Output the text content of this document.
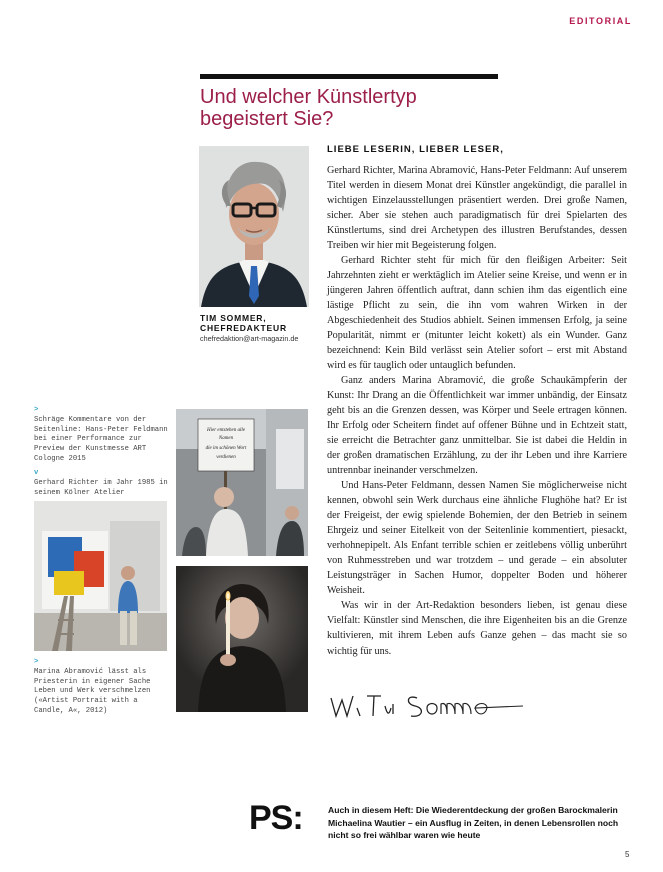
EDITORIAL
Und welcher Künstlertyp begeistert Sie?
TIM SOMMER,
CHEFREDAKTEUR
chefredaktion@art-magazin.de
LIEBE LESERIN, LIEBER LESER,

Gerhard Richter, Marina Abramović, Hans-Peter Feldmann: Auf unserem Titel werden in diesem Monat drei Künstler angekündigt, die parallel in wichtigen Einzelausstellungen präsentiert werden. Drei große Namen, sicher. Aber sie stehen auch paradigmatisch für drei Spielarten des Künstlertums, sind drei Archetypen des illustren Berufstandes, dessen Treiben wir hier mit Begeisterung folgen.

Gerhard Richter steht für mich für den fleißigen Arbeiter: Seit Jahrzehnten zieht er werktäglich im Atelier seine Kreise, und wenn er in jüngeren Jahren öffentlich auftrat, dann schien ihm das eigentlich eine lästige Pflicht zu sein, die ihn vom wahren Wirken in der Abgeschiedenheit des Studios abhielt. Seinen immensen Erfolg, ja seine Popularität, nimmt er (mitunter leicht kokett) als ein Wunder. Ganz bezeichnend: Kein Bild verlässt sein Atelier sofort – erst mit Abstand wird es für tauglich oder untauglich befunden.

Ganz anders Marina Abramović, die große Schaukämpferin der Kunst: Ihr Drang an die Öffentlichkeit war immer unbändig, der Einsatz geht bis an die Grenzen dessen, was Körper und Seele ertragen können. Ihr Erfolg oder Scheitern findet auf offener Bühne und in Echtzeit statt, sie erreicht die Betrachter ganz unmittelbar. Sie ist dabei die Heldin in der großen dramatischen Erzählung, zu der ihr Leben und ihre Karriere untrennbar ineinander verschmelzen.

Und Hans-Peter Feldmann, dessen Namen Sie möglicherweise nicht kennen, obwohl sein Werk durchaus eine ähnliche Flughöhe hat? Er ist der Freigeist, der ewig spielende Bohemien, der den Betrieb in seinem Ehrgeiz und seiner Eitelkeit von der Seitenlinie kommentiert, piesackt, verhohnepipelt. Als Enfant terrible schien er zeitlebens völlig unberührt von Ruhmesstreben und war trotzdem – und gerade – ein absoluter Leistungsträger in Sachen Humor, doppelter Boden und höherer Weisheit.

Was wir in der Art-Redaktion besonders lieben, ist genau diese Vielfalt: Künstler sind Menschen, die ihre Eigenheiten bis an die Grenze kultivieren, mit ihrem Leben aufs Ganze gehen – das macht sie so wichtig für uns.

>
Schräge Kommentare von der Seitenline: Hans-Peter Feldmann bei einer Performance zur Preview der Kunstmesse ART Cologne 2015
v
Gerhard Richter im Jahr 1985 in seinem Kölner Atelier
>
Marina Abramović lässt als Priesterin in eigener Sache Leben und Werk verschmelzen («Artist Portrait with a Candle, A«, 2012)
Hier entstehen alle
Namen
die im schönen Wort
verdienen
PS:	Auch in diesem Heft: Die Wiederentdeckung der großen Barockmalerin Michaelina Wautier – ein Ausflug in Zeiten, in denen Lebensrollen noch nicht so frei wählbar waren wie heute
5
